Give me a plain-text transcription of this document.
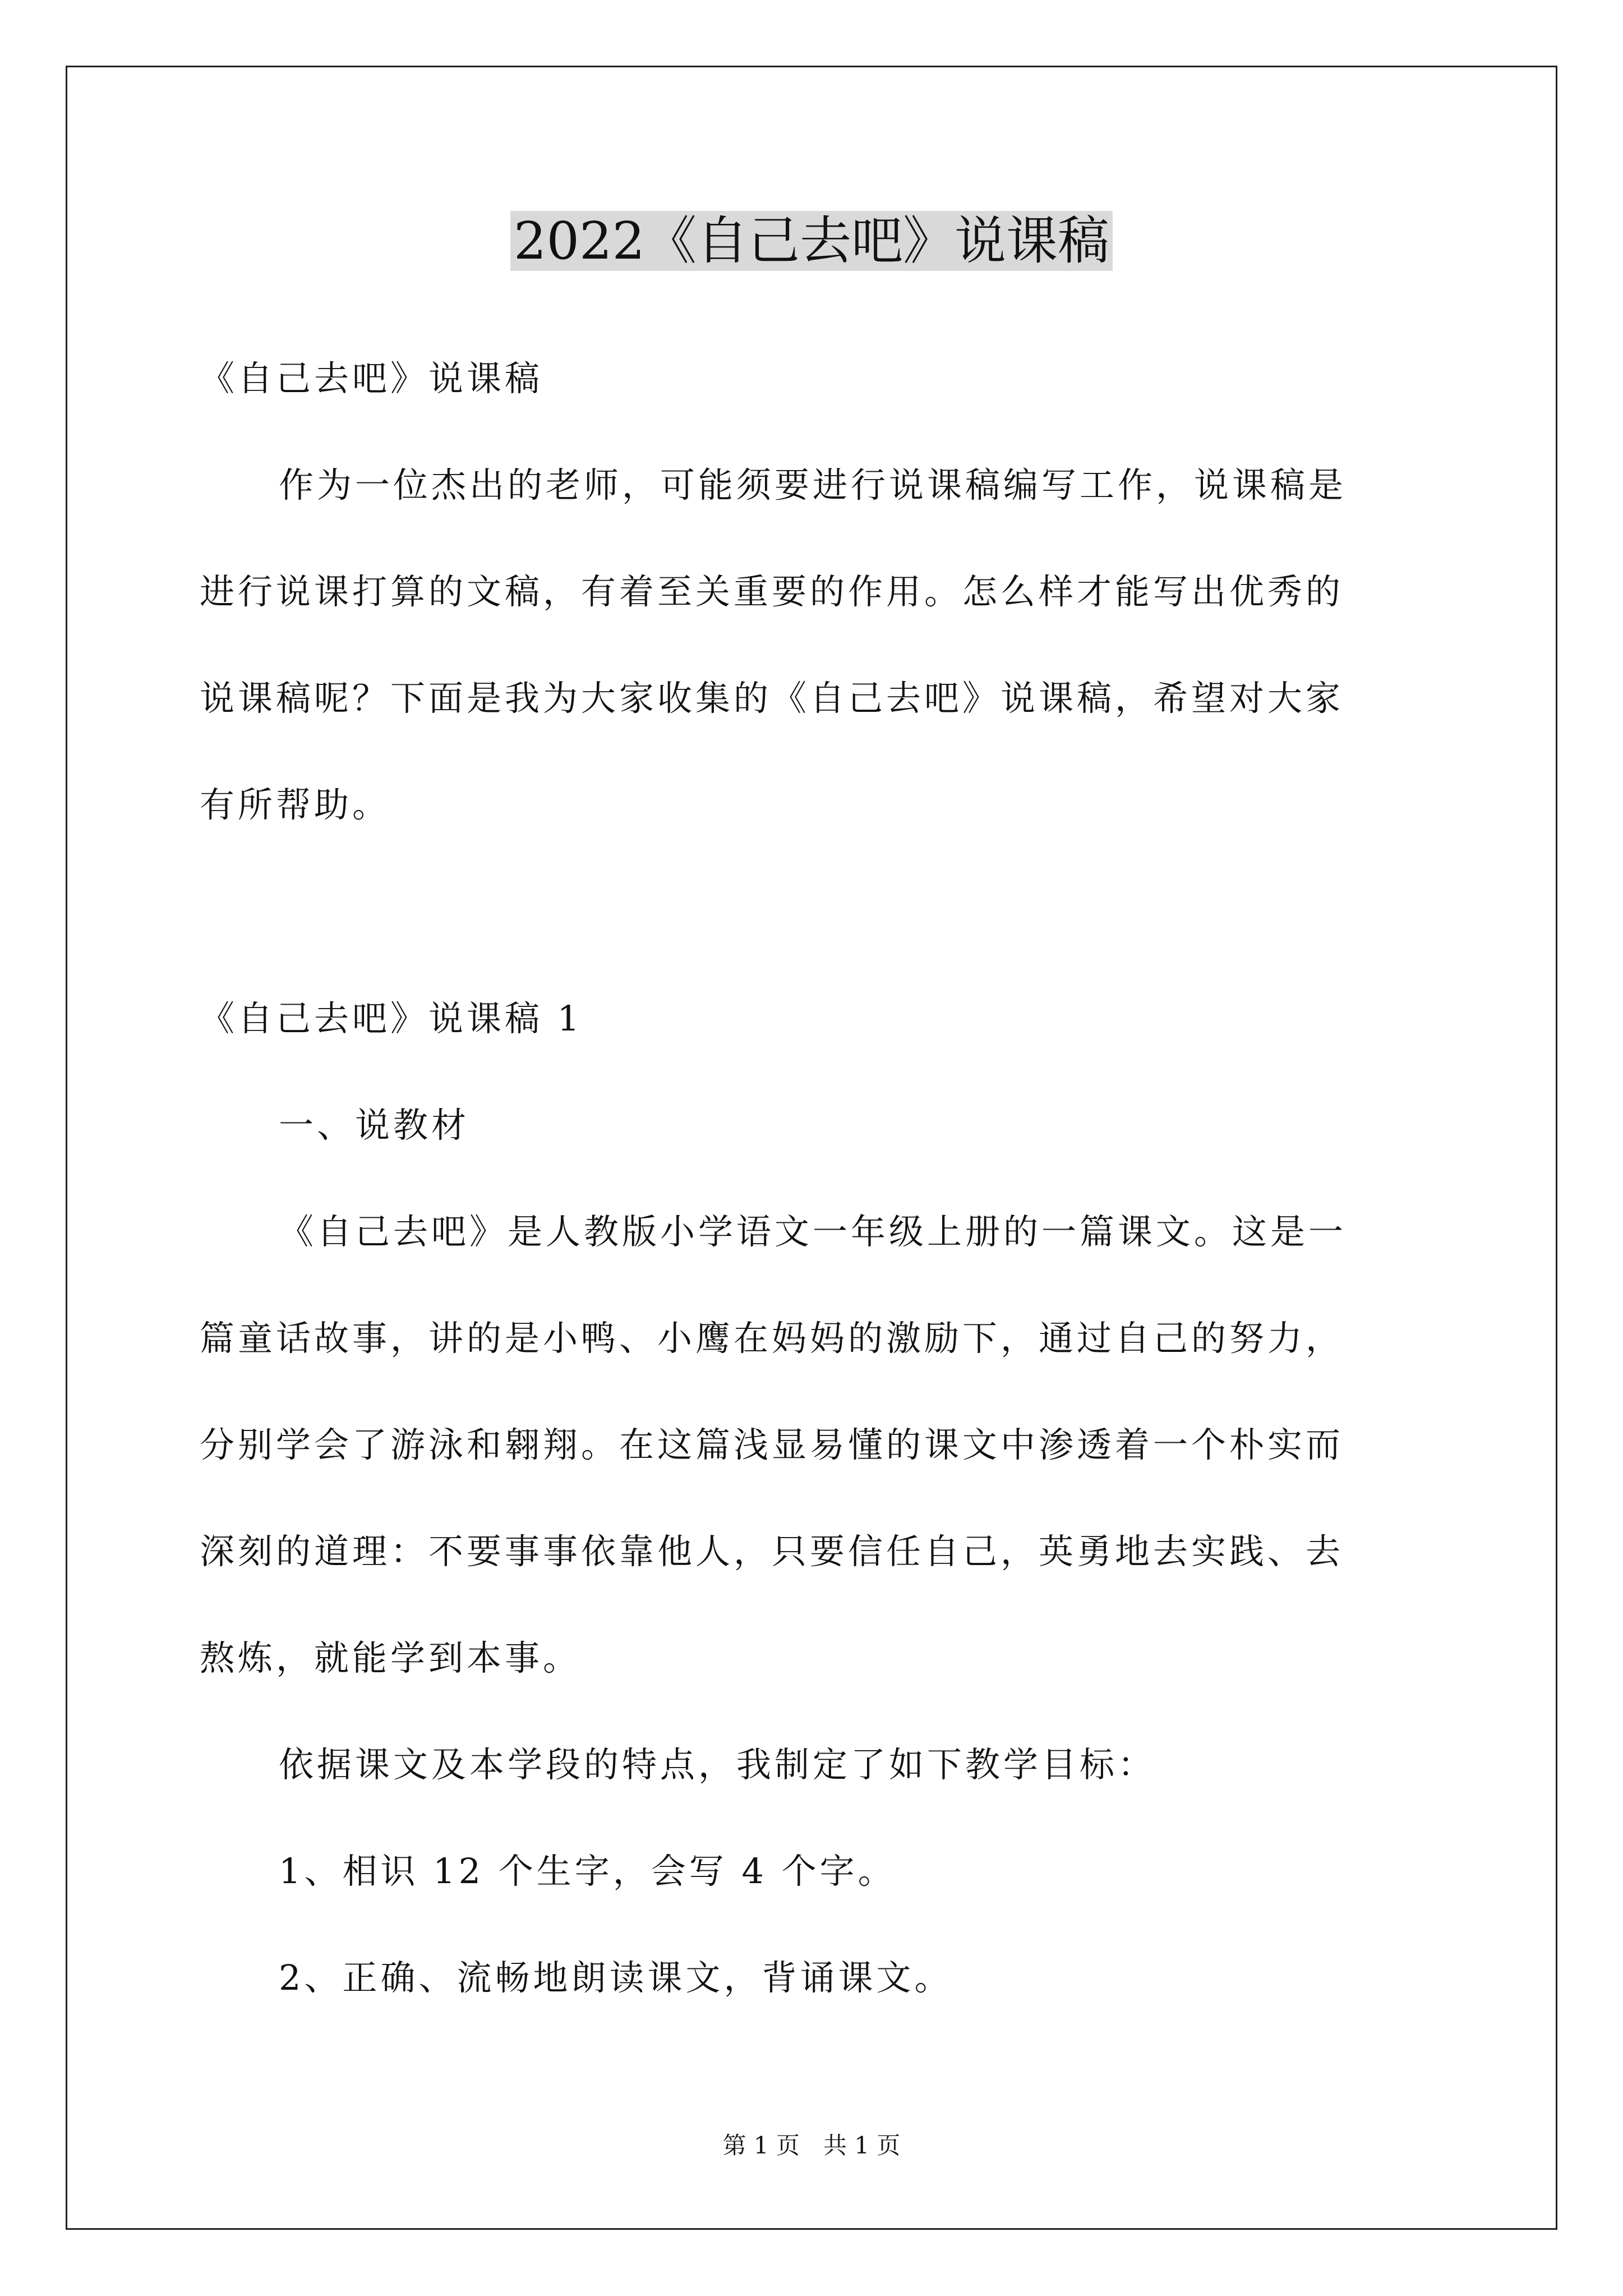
2022《自己去吧》说课稿
《自己去吧》说课稿
作为一位杰出的老师，可能须要进行说课稿编写工作，说课稿是
进行说课打算的文稿，有着至关重要的作用。怎么样才能写出优秀的
说课稿呢？下面是我为大家收集的《自己去吧》说课稿，希望对大家
有所帮助。
《自己去吧》说课稿 1
一、说教材
《自己去吧》是人教版小学语文一年级上册的一篇课文。这是一
篇童话故事，讲的是小鸭、小鹰在妈妈的激励下，通过自己的努力，
分别学会了游泳和翱翔。在这篇浅显易懂的课文中渗透着一个朴实而
深刻的道理：不要事事依靠他人，只要信任自己，英勇地去实践、去
熬炼，就能学到本事。
依据课文及本学段的特点，我制定了如下教学目标：
1、相识 12 个生字，会写 4 个字。
2、正确、流畅地朗读课文，背诵课文。
第 1 页　共 1 页
